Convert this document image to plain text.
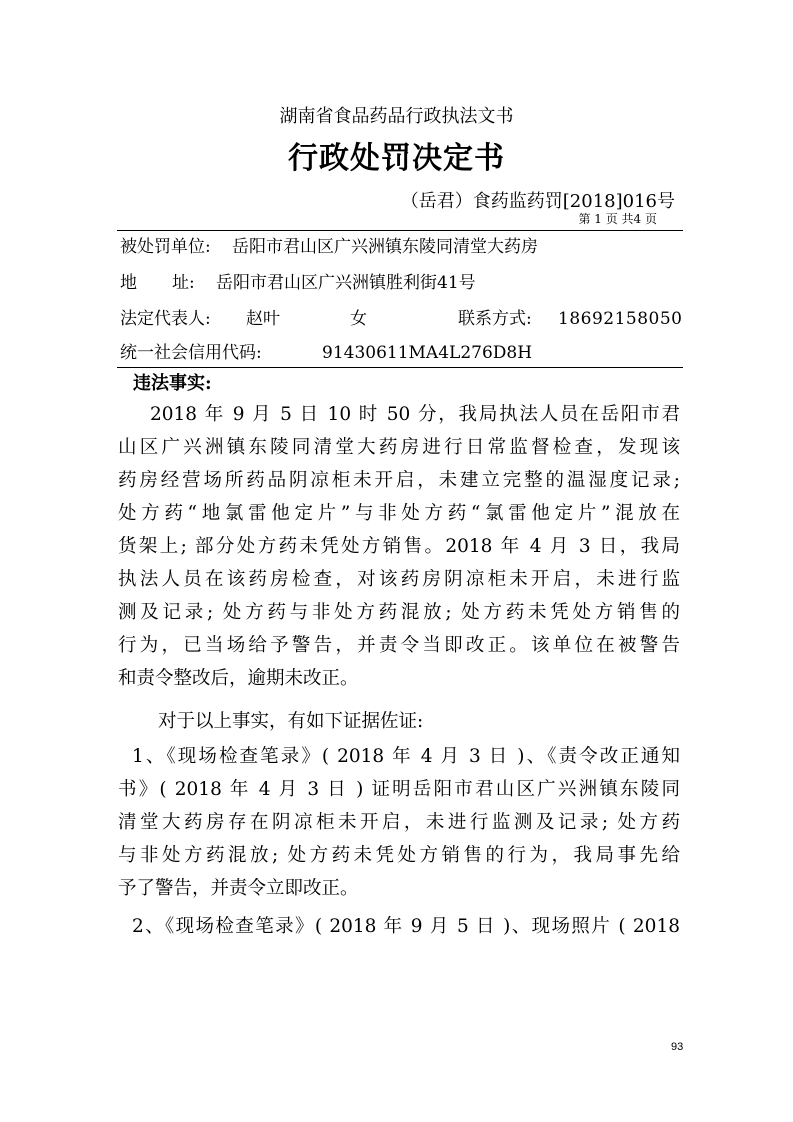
湖南省食品药品行政执法文书
行政处罚决定书
（岳君）食药监药罚[2018]016号
第 1 页 共4 页
被处罚单位: 岳阳市君山区广兴洲镇东陵同清堂大药房
地 址: 岳阳市君山区广兴洲镇胜利街41号
法定代表人: 赵叶	女	联系方式: 18692158050
统一社会信用代码:	91430611MA4L276D8H
违法事实:
2018 年 9 月 5 日 10 时 50 分，我局执法人员在岳阳市君
山区广兴洲镇东陵同清堂大药房进行日常监督检查，发现该
药房经营场所药品阴凉柜未开启，未建立完整的温湿度记录;
处方药“地氯雷他定片”与非处方药“氯雷他定片”混放在
货架上; 部分处方药未凭处方销售。2018 年 4 月 3 日，我局
执法人员在该药房检查，对该药房阴凉柜未开启，未进行监
测及记录; 处方药与非处方药混放; 处方药未凭处方销售的
行为，已当场给予警告，并责令当即改正。该单位在被警告
和责令整改后，逾期未改正。
对于以上事实，有如下证据佐证:
1、《现场检查笔录》( 2018 年 4 月 3 日 )、《责令改正通知
书》( 2018 年 4 月 3 日 ) 证明岳阳市君山区广兴洲镇东陵同
清堂大药房存在阴凉柜未开启，未进行监测及记录; 处方药
与非处方药混放; 处方药未凭处方销售的行为，我局事先给
予了警告，并责令立即改正。
2、《现场检查笔录》( 2018 年 9 月 5 日 )、现场照片 ( 2018
93
